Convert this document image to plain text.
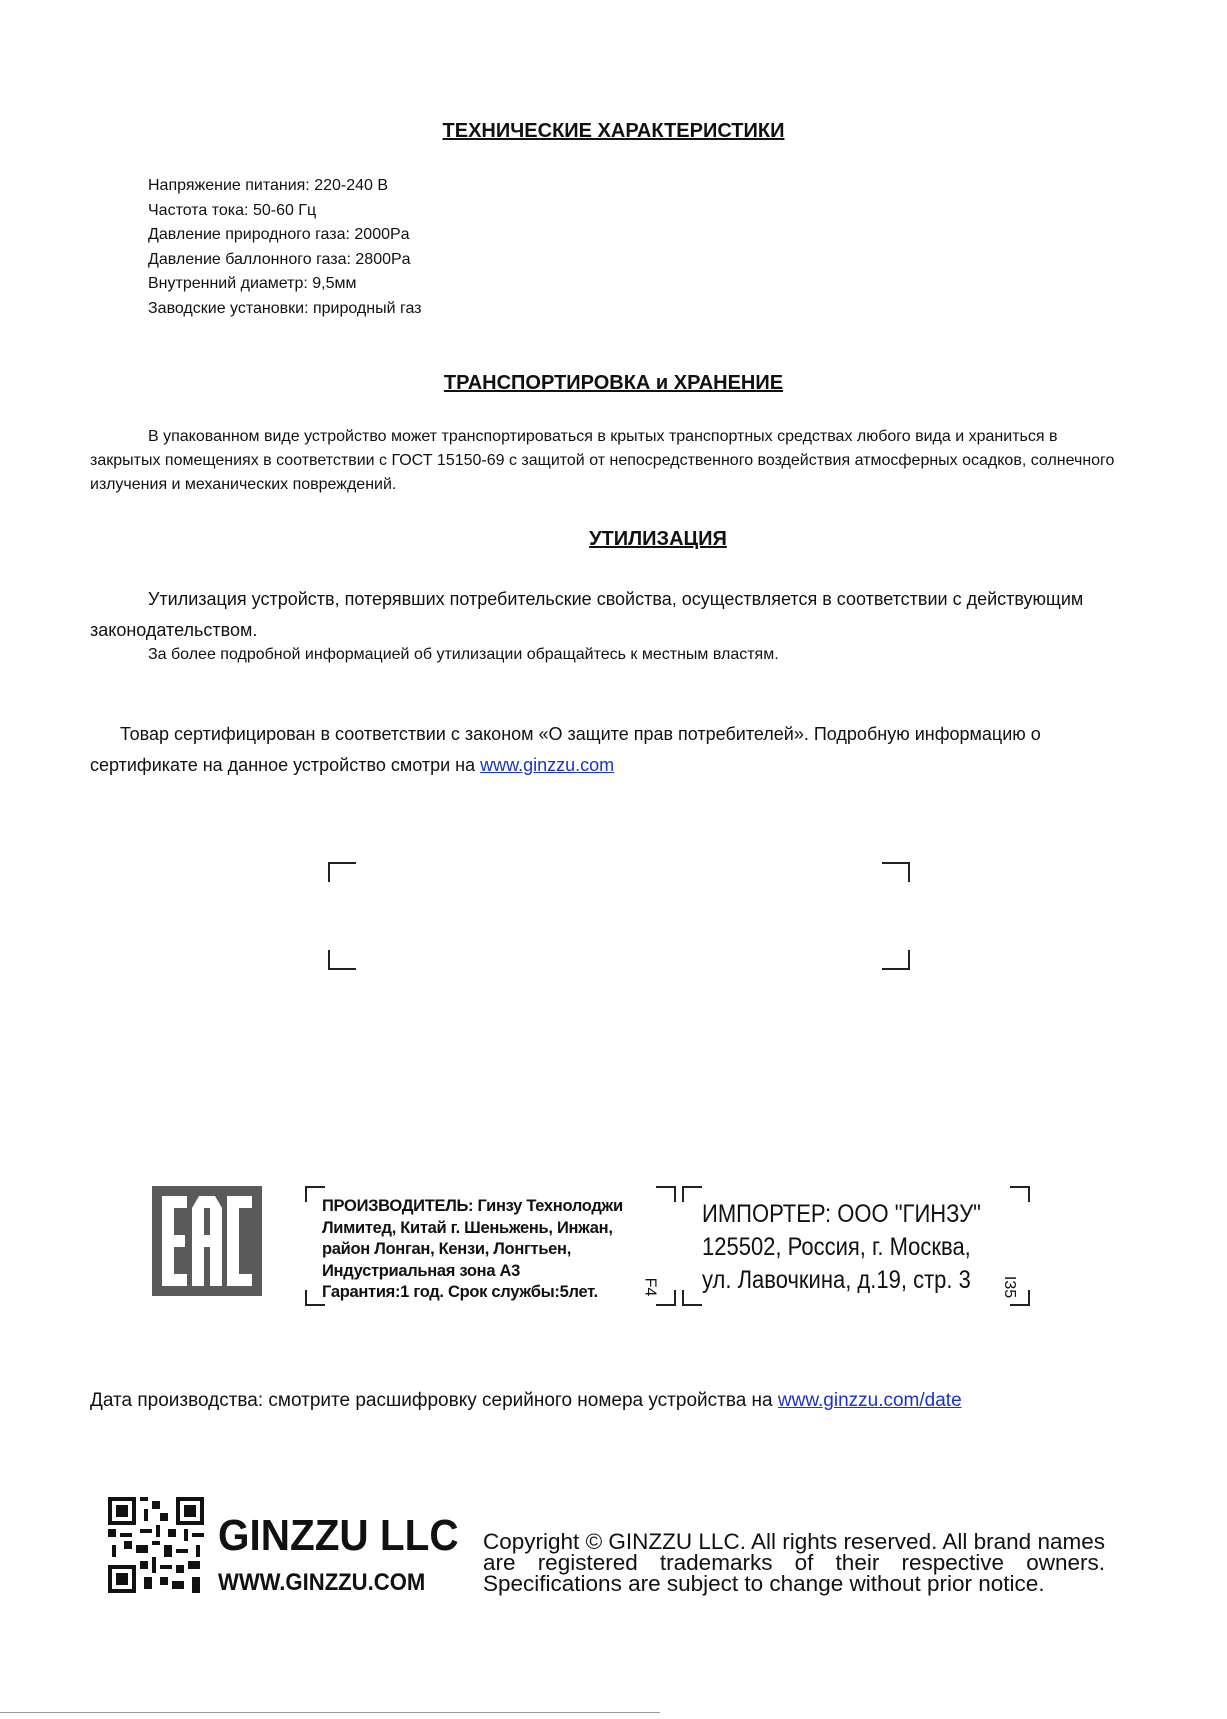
ТЕХНИЧЕСКИЕ ХАРАКТЕРИСТИКИ
Напряжение питания: 220-240 В
Частота тока: 50-60 Гц
Давление природного газа: 2000Pa
Давление баллонного газа: 2800Pa
Внутренний диаметр: 9,5мм
Заводские установки: природный газ
ТРАНСПОРТИРОВКА и ХРАНЕНИЕ

В упакованном виде устройство может транспортироваться в крытых транспортных средствах любого вида и храниться в закрытых помещениях в соответствии с ГОСТ 15150-69 с защитой от непосредственного воздействия атмосферных осадков, солнечного излучения и механических повреждений.

УТИЛИЗАЦИЯ

Утилизация устройств, потерявших потребительские свойства, осуществляется в соответствии с действующим законодательством.

За более подробной информацией об утилизации обращайтесь к местным властям.

Товар сертифицирован в соответствии с законом «О защите прав потребителей». Подробную информацию о сертификате на данное устройство смотри на www.ginzzu.com

ПРОИЗВОДИТЕЛЬ: Гинзу Технолоджи
Лимитед, Китай г. Шеньжень, Инжан,
район Лонган, Кензи, Лонгтьен,
Индустриальная зона А3
Гарантия:1 год. Срок службы:5лет.	F4
ИМПОРТЕР: ООО "ГИНЗУ"
125502, Россия, г. Москва,
ул. Лавочкина, д.19, стр. 3	I35
Дата производства: смотрите расшифровку серийного номера устройства на www.ginzzu.com/date
GINZZU LLC
WWW.GINZZU.COM
Copyright © GINZZU LLC. All rights reserved. All brand names
are registered trademarks of their respective owners.
Specifications are subject to change without prior notice.
